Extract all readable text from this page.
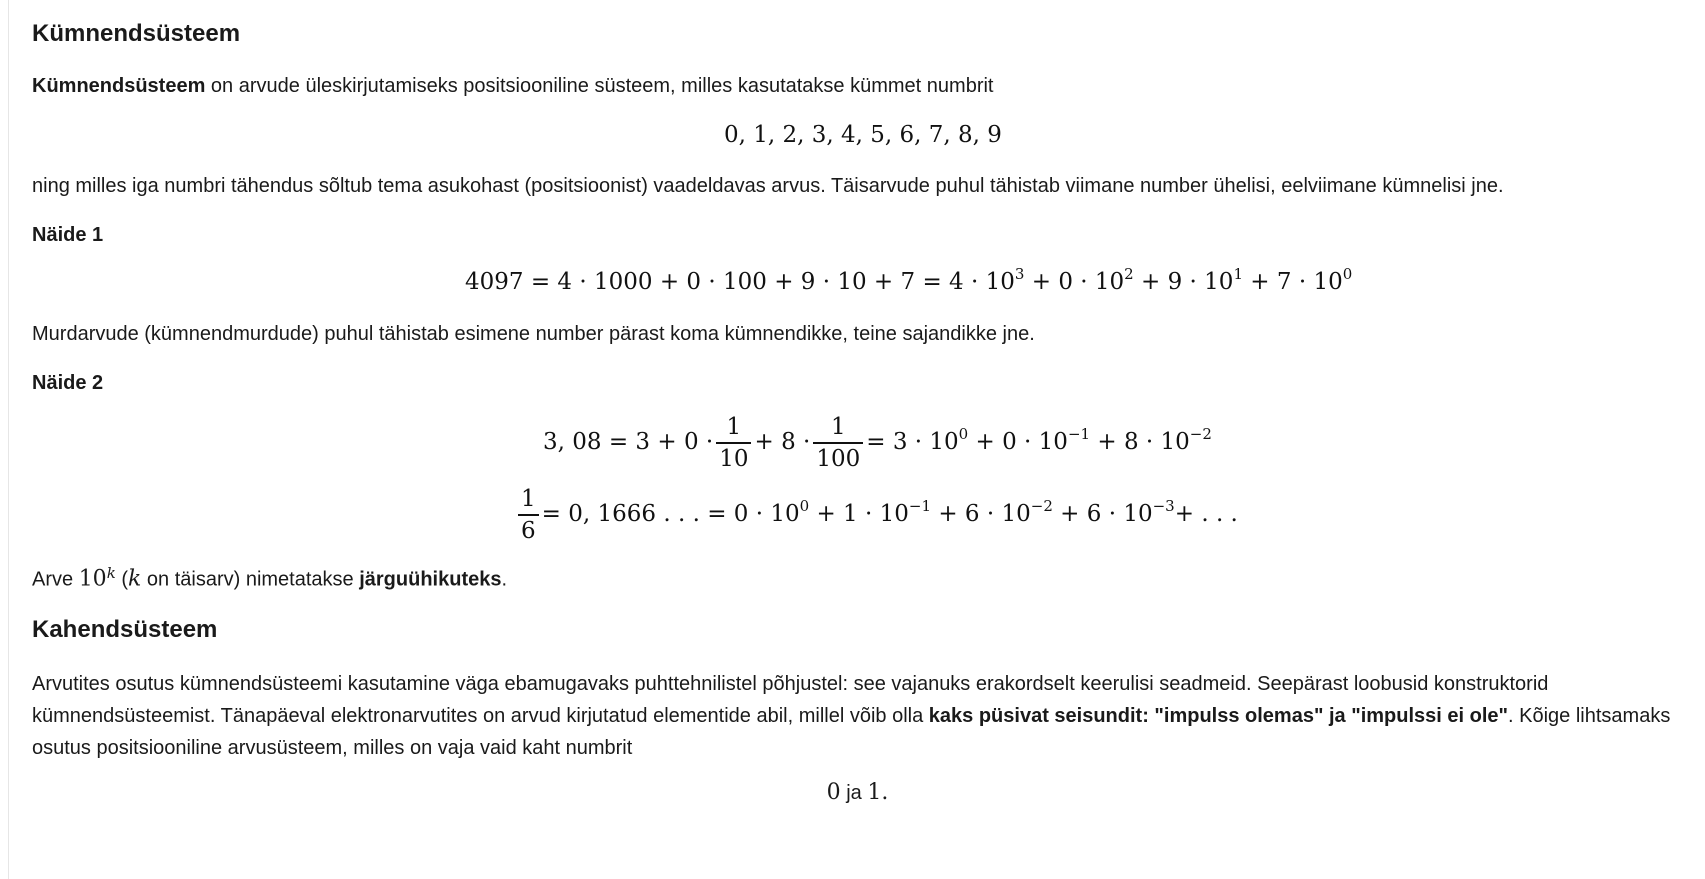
Kümnendsüsteem

Kümnendsüsteem on arvude üleskirjutamiseks positsiooniline süsteem, milles kasutatakse kümmet numbrit

0, 1, 2, 3, 4, 5, 6, 7, 8, 9

ning milles iga numbri tähendus sõltub tema asukohast (positsioonist) vaadeldavas arvus. Täisarvude puhul tähistab viimane number ühelisi, eelviimane kümnelisi jne.

Näide 1

$4097 = 4 \cdot 1000 + 0 \cdot 100 + 9 \cdot 10 + 7 = 4 \cdot 10^3 + 0 \cdot 10^2 + 9 \cdot 10^1 + 7 \cdot 10^0$

Murdarvude (kümnendmurdude) puhul tähistab esimene number pärast koma kümnendikke, teine sajandikke jne.

Näide 2

3, $08 = 3 + 0 \cdot \frac{1}{10} + 8 \cdot \frac{1}{100} = 3 \cdot 10^0 + 0 \cdot 10^{-1} + 8 \cdot 10^{-2}$
$\frac{1}{6} = 0$, 1666 . . . = $0 \cdot 10^0 + 1 \cdot 10^{-1} + 6 \cdot 10^{-2} + 6 \cdot 10^{-3}+$ . . .

Arve 10$^k$ (k on täisarv) nimetatakse järguühikuteks.

Kahendsüsteem

Arvutites osutus kümnendsüsteemi kasutamine väga ebamugavaks puhttehnilistel põhjustel: see vajanuks erakordselt keerulisi seadmeid. Seepärast loobusid konstruktorid kümnendsüsteemist. Tänapäeval elektronarvutites on arvud kirjutatud elementide abil, millel võib olla kaks püsivat seisundit: "impulss olemas" ja "impulssi ei ole". Kõige lihtsamaks osutus positsiooniline arvusüsteem, milles on vaja vaid kaht numbrit

0 ja 1.
